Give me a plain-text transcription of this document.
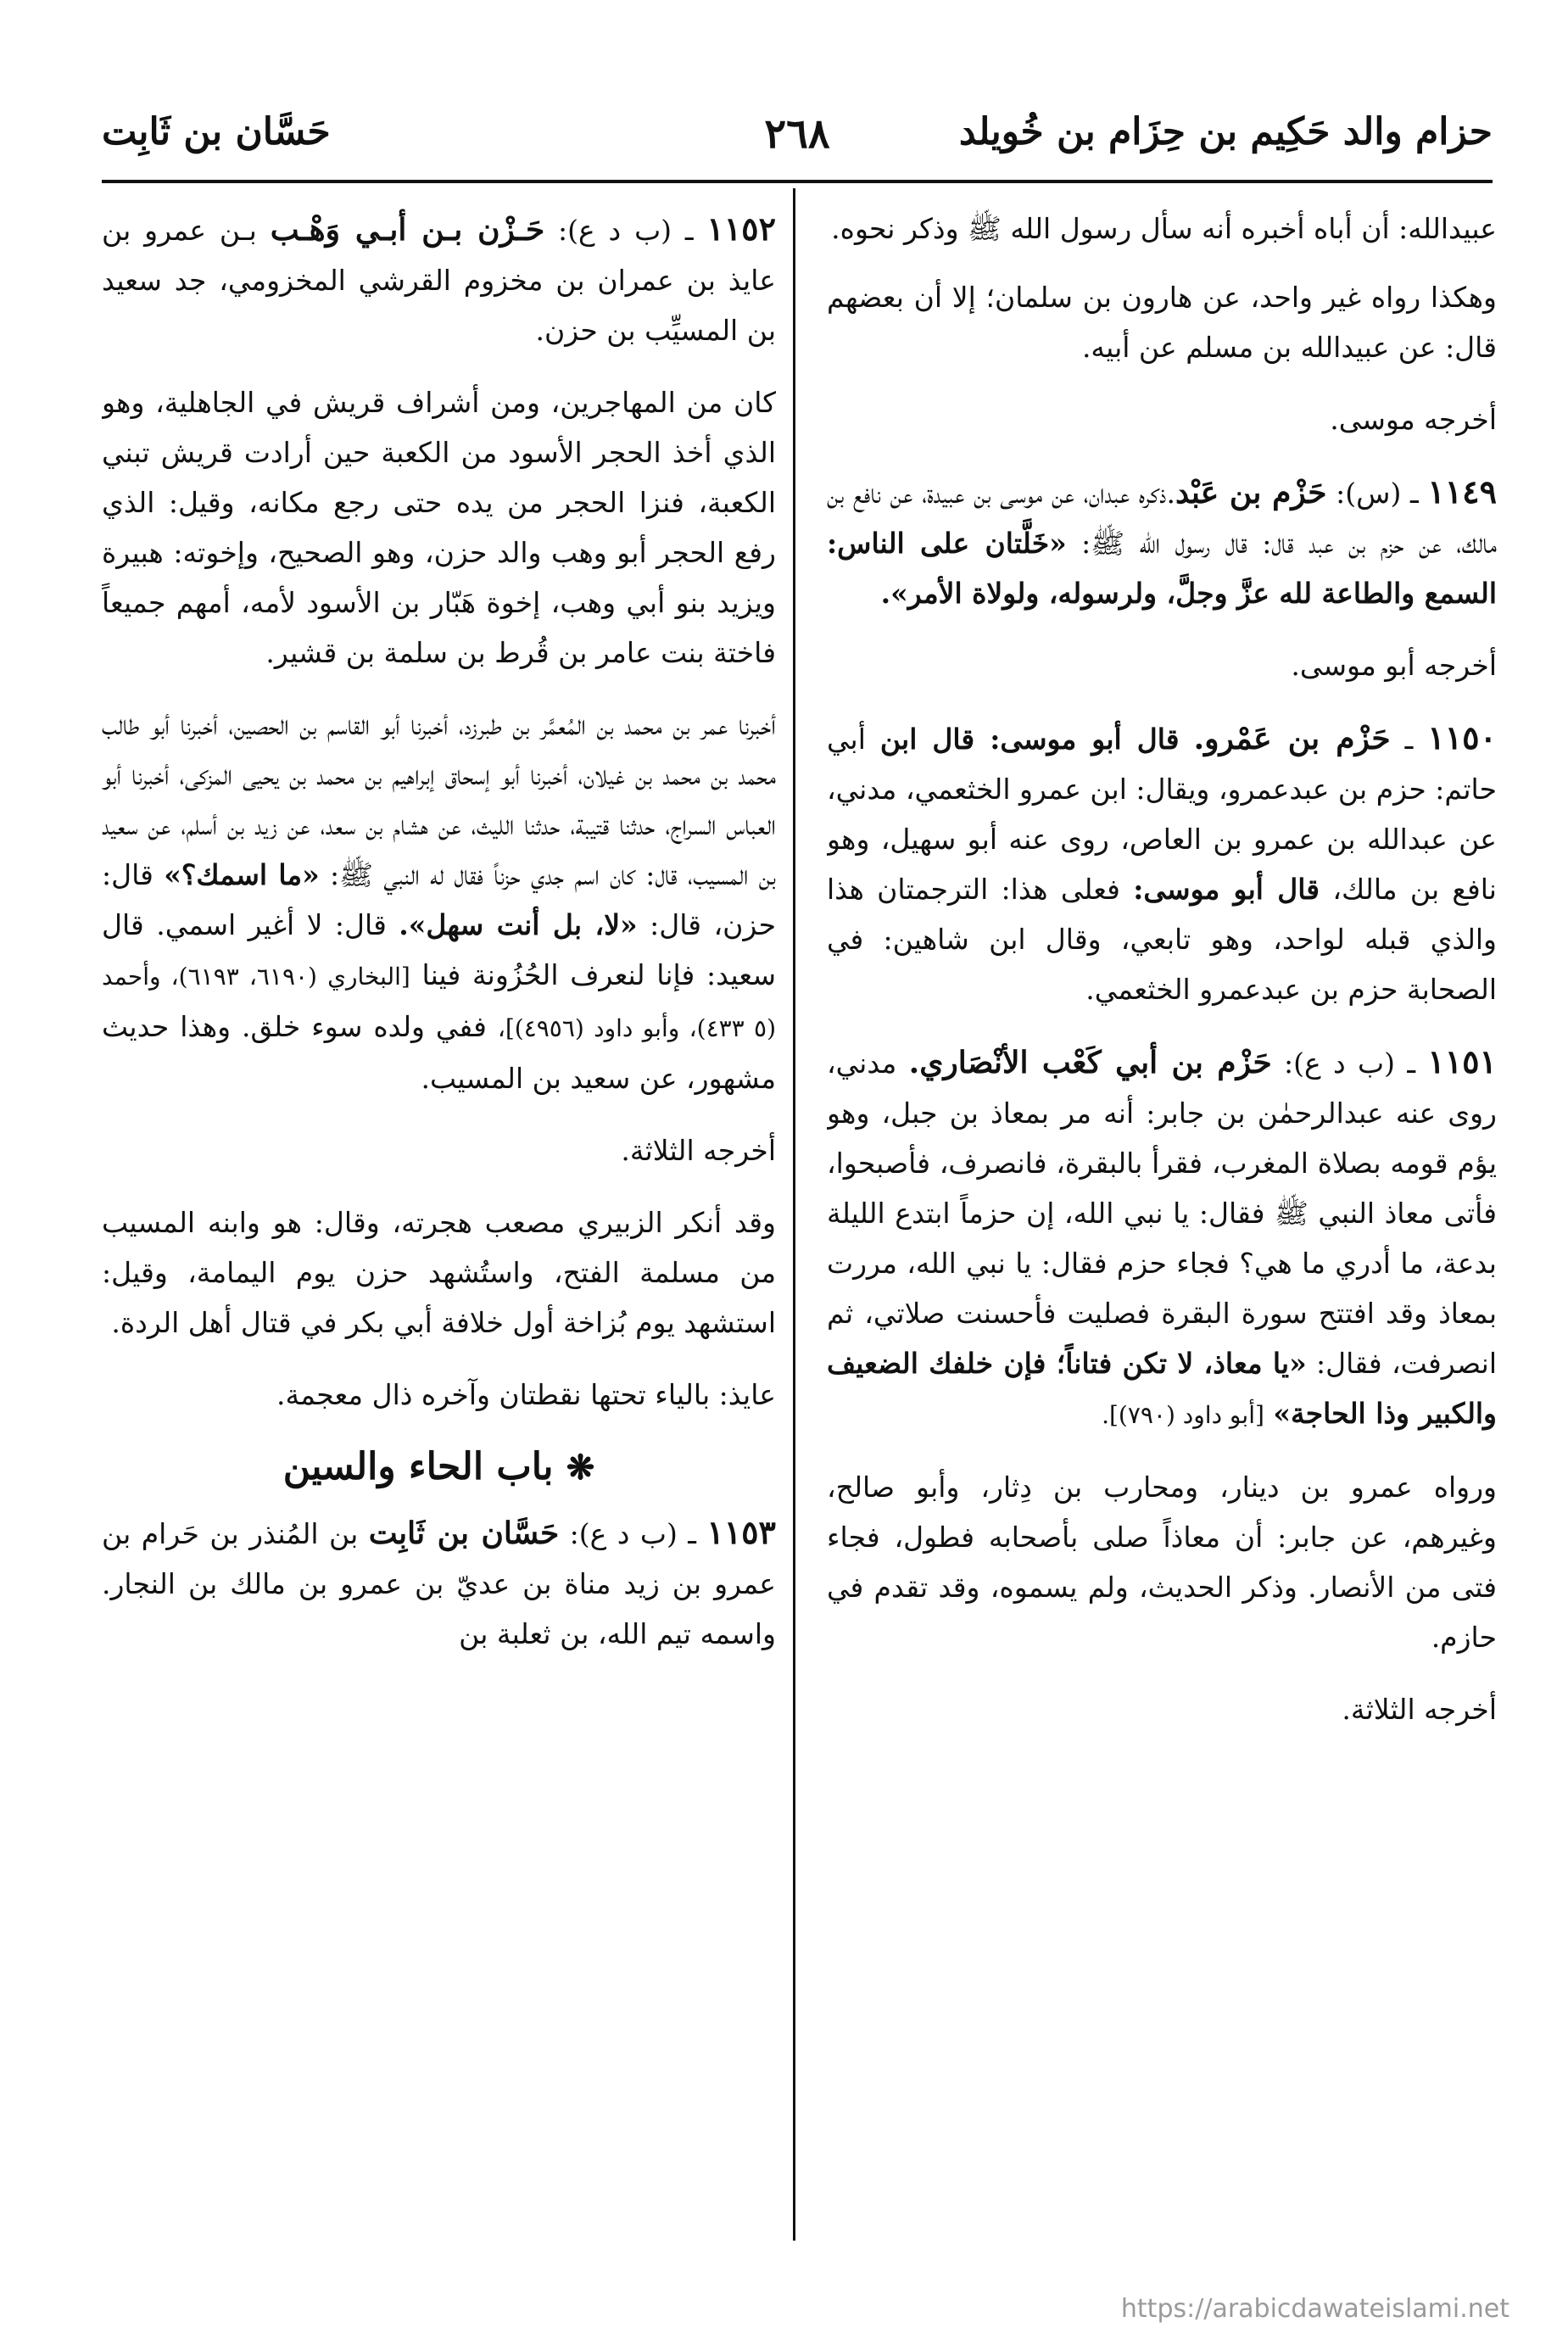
حزام والد حَكِيم بن حِزَام بن خُويلد
٢٦٨
حَسَّان بن ثَابِت

عبيدالله: أن أباه أخبره أنه سأل رسول الله ﷺ وذكر نحوه.

وهكذا رواه غير واحد، عن هارون بن سلمان؛ إلا أن بعضهم قال: عن عبيدالله بن مسلم عن أبيه.

أخرجه موسى.

١١٤٩ ـ (س): حَزْم بن عَبْد.ذكره عبدان، عن موسى بن عبيدة، عن نافع بن مالك، عن حزم بن عبد قال: قال رسول الله ﷺ: «خَلَّتان على الناس: السمع والطاعة لله عزَّ وجلَّ، ولرسوله، ولولاة الأمر».

أخرجه أبو موسى.

١١٥٠ ـ حَزْم بن عَمْرو. قال أبو موسى: قال ابن أبي حاتم: حزم بن عبدعمرو، ويقال: ابن عمرو الخثعمي، مدني، عن عبدالله بن عمرو بن العاص، روى عنه أبو سهيل، وهو نافع بن مالك، قال أبو موسى: فعلى هذا: الترجمتان هذا والذي قبله لواحد، وهو تابعي، وقال ابن شاهين: في الصحابة حزم بن عبدعمرو الخثعمي.

١١٥١ ـ (ب د ع): حَزْم بن أبي كَعْب الأنْصَاري. مدني، روى عنه عبدالرحمٰن بن جابر: أنه مر بمعاذ بن جبل، وهو يؤم قومه بصلاة المغرب، فقرأ بالبقرة، فانصرف، فأصبحوا، فأتى معاذ النبي ﷺ فقال: يا نبي الله، إن حزماً ابتدع الليلة بدعة، ما أدري ما هي؟ فجاء حزم فقال: يا نبي الله، مررت بمعاذ وقد افتتح سورة البقرة فصليت فأحسنت صلاتي، ثم انصرفت، فقال: «يا معاذ، لا تكن فتاناً؛ فإن خلفك الضعيف والكبير وذا الحاجة» [أبو داود (٧٩٠)].

ورواه عمرو بن دينار، ومحارب بن دِثار، وأبو صالح، وغيرهم، عن جابر: أن معاذاً صلى بأصحابه فطول، فجاء فتى من الأنصار. وذكر الحديث، ولم يسموه، وقد تقدم في حازم.

أخرجه الثلاثة.

١١٥٢ ـ (ب د ع): حَـزْن بـن أبـي وَهْـب بـن عمرو بن عايذ بن عمران بن مخزوم القرشي المخزومي، جد سعيد بن المسيِّب بن حزن.

كان من المهاجرين، ومن أشراف قريش في الجاهلية، وهو الذي أخذ الحجر الأسود من الكعبة حين أرادت قريش تبني الكعبة، فنزا الحجر من يده حتى رجع مكانه، وقيل: الذي رفع الحجر أبو وهب والد حزن، وهو الصحيح، وإخوته: هبيرة ويزيد بنو أبي وهب، إخوة هَبّار بن الأسود لأمه، أمهم جميعاً فاختة بنت عامر بن قُرط بن سلمة بن قشير.

أخبرنا عمر بن محمد بن المُعمَّر بن طبرزد، أخبرنا أبو القاسم بن الحصين، أخبرنا أبو طالب محمد بن محمد بن غيلان، أخبرنا أبو إسحاق إبراهيم بن محمد بن يحيى المزكى، أخبرنا أبو العباس السراج، حدثنا قتيبة، حدثنا الليث، عن هشام بن سعد، عن زيد بن أسلم، عن سعيد بن المسيب، قال: كان اسم جدي حزناً فقال له النبي ﷺ: «ما اسمك؟» قال: حزن، قال: «لا، بل أنت سهل». قال: لا أغير اسمي. قال سعيد: فإنا لنعرف الحُزُونة فينا [البخاري (٦١٩٠، ٦١٩٣)، وأحمد (٥ ٤٣٣)، وأبو داود (٤٩٥٦)]، ففي ولده سوء خلق. وهذا حديث مشهور، عن سعيد بن المسيب.

أخرجه الثلاثة.

وقد أنكر الزبيري مصعب هجرته، وقال: هو وابنه المسيب من مسلمة الفتح، واستُشهد حزن يوم اليمامة، وقيل: استشهد يوم بُزاخة أول خلافة أبي بكر في قتال أهل الردة.

عايذ: بالياء تحتها نقطتان وآخره ذال معجمة.

❋ باب الحاء والسين

١١٥٣ ـ (ب د ع): حَسَّان بن ثَابِت بن المُنذر بن حَرام بن عمرو بن زيد مناة بن عديّ بن عمرو بن مالك بن النجار. واسمه تيم الله، بن ثعلبة بن

https://arabicdawateislami.net
